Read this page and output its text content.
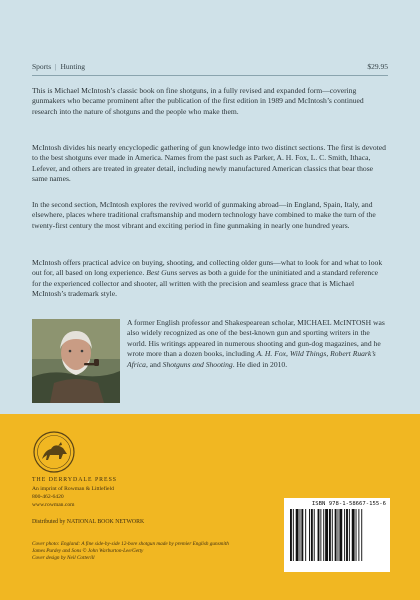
Sports | Hunting	$29.95

This is Michael McIntosh’s classic book on fine shotguns, in a fully revised and expanded form—covering gunmakers who became prominent after the publication of the first edition in 1989 and McIntosh’s continued research into the nature of shotguns and the people who make them.

McIntosh divides his nearly encyclopedic gathering of gun knowledge into two distinct sections. The first is devoted to the best shotguns ever made in America. Names from the past such as Parker, A. H. Fox, L. C. Smith, Ithaca, Lefever, and others are treated in greater detail, including newly manufactured American classics that bear those same names.

In the second section, McIntosh explores the revived world of gunmaking abroad—in England, Spain, Italy, and elsewhere, places where traditional craftsmanship and modern technology have combined to make the turn of the twenty-first century the most vibrant and exciting period in fine gunmaking in nearly one hundred years.

McIntosh offers practical advice on buying, shooting, and collecting older guns—what to look for and what to look out for, all based on long experience. Best Guns serves as both a guide for the uninitiated and a standard reference for the experienced collector and shooter, all written with the precision and seamless grace that is Michael McIntosh’s trademark style.

A former English professor and Shakespearean scholar, MICHAEL McINTOSH was also widely recognized as one of the best-known gun and sporting writers in the world. His writings appeared in numerous shooting and gun-dog magazines, and he wrote more than a dozen books, including A. H. Fox, Wild Things, Robert Ruark’s Africa, and Shotguns and Shooting. He died in 2010.

THE DERRYDALE PRESS
An imprint of Rowman & Littlefield
800-462-6420
www.rowman.com
Distributed by NATIONAL BOOK NETWORK

Cover photo: England: A fine side-by-side 12-bore shotgun made by premier English gunsmith James Purdey and Sons © John Warburton-Lee/Getty
Cover design by Neil Cotterill

ISBN 978-1-58667-155-6
